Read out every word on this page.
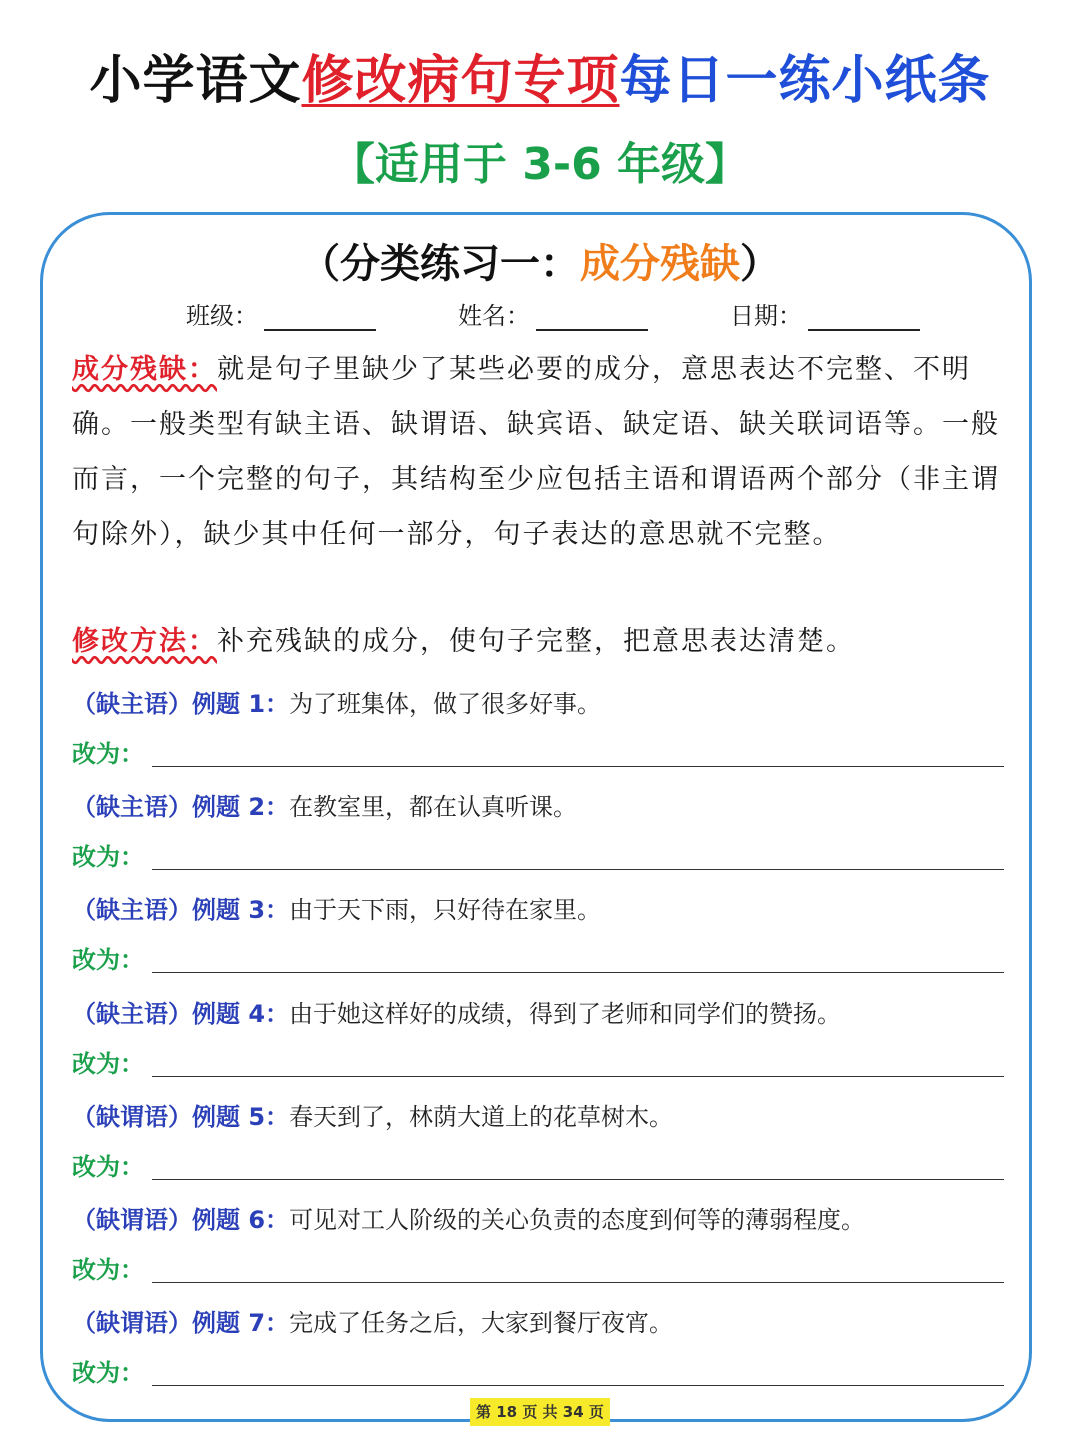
小学语文修改病句专项每日一练小纸条
【适用于 3-6 年级】
（分类练习一：成分残缺）
班级：	姓名：	日期：
成分残缺：就是句子里缺少了某些必要的成分，意思表达不完整、不明确。一般类型有缺主语、缺谓语、缺宾语、缺定语、缺关联词语等。一般而言，一个完整的句子，其结构至少应包括主语和谓语两个部分（非主谓句除外），缺少其中任何一部分，句子表达的意思就不完整。
修改方法：补充残缺的成分，使句子完整，把意思表达清楚。
（缺主语）例题 1：为了班集体，做了很多好事。
改为：
（缺主语）例题 2：在教室里，都在认真听课。
改为：
（缺主语）例题 3：由于天下雨，只好待在家里。
改为：
（缺主语）例题 4：由于她这样好的成绩，得到了老师和同学们的赞扬。
改为：
（缺谓语）例题 5：春天到了，林荫大道上的花草树木。
改为：
（缺谓语）例题 6：可见对工人阶级的关心负责的态度到何等的薄弱程度。
改为：
（缺谓语）例题 7：完成了任务之后，大家到餐厅夜宵。
改为：
第 18 页 共 34 页
